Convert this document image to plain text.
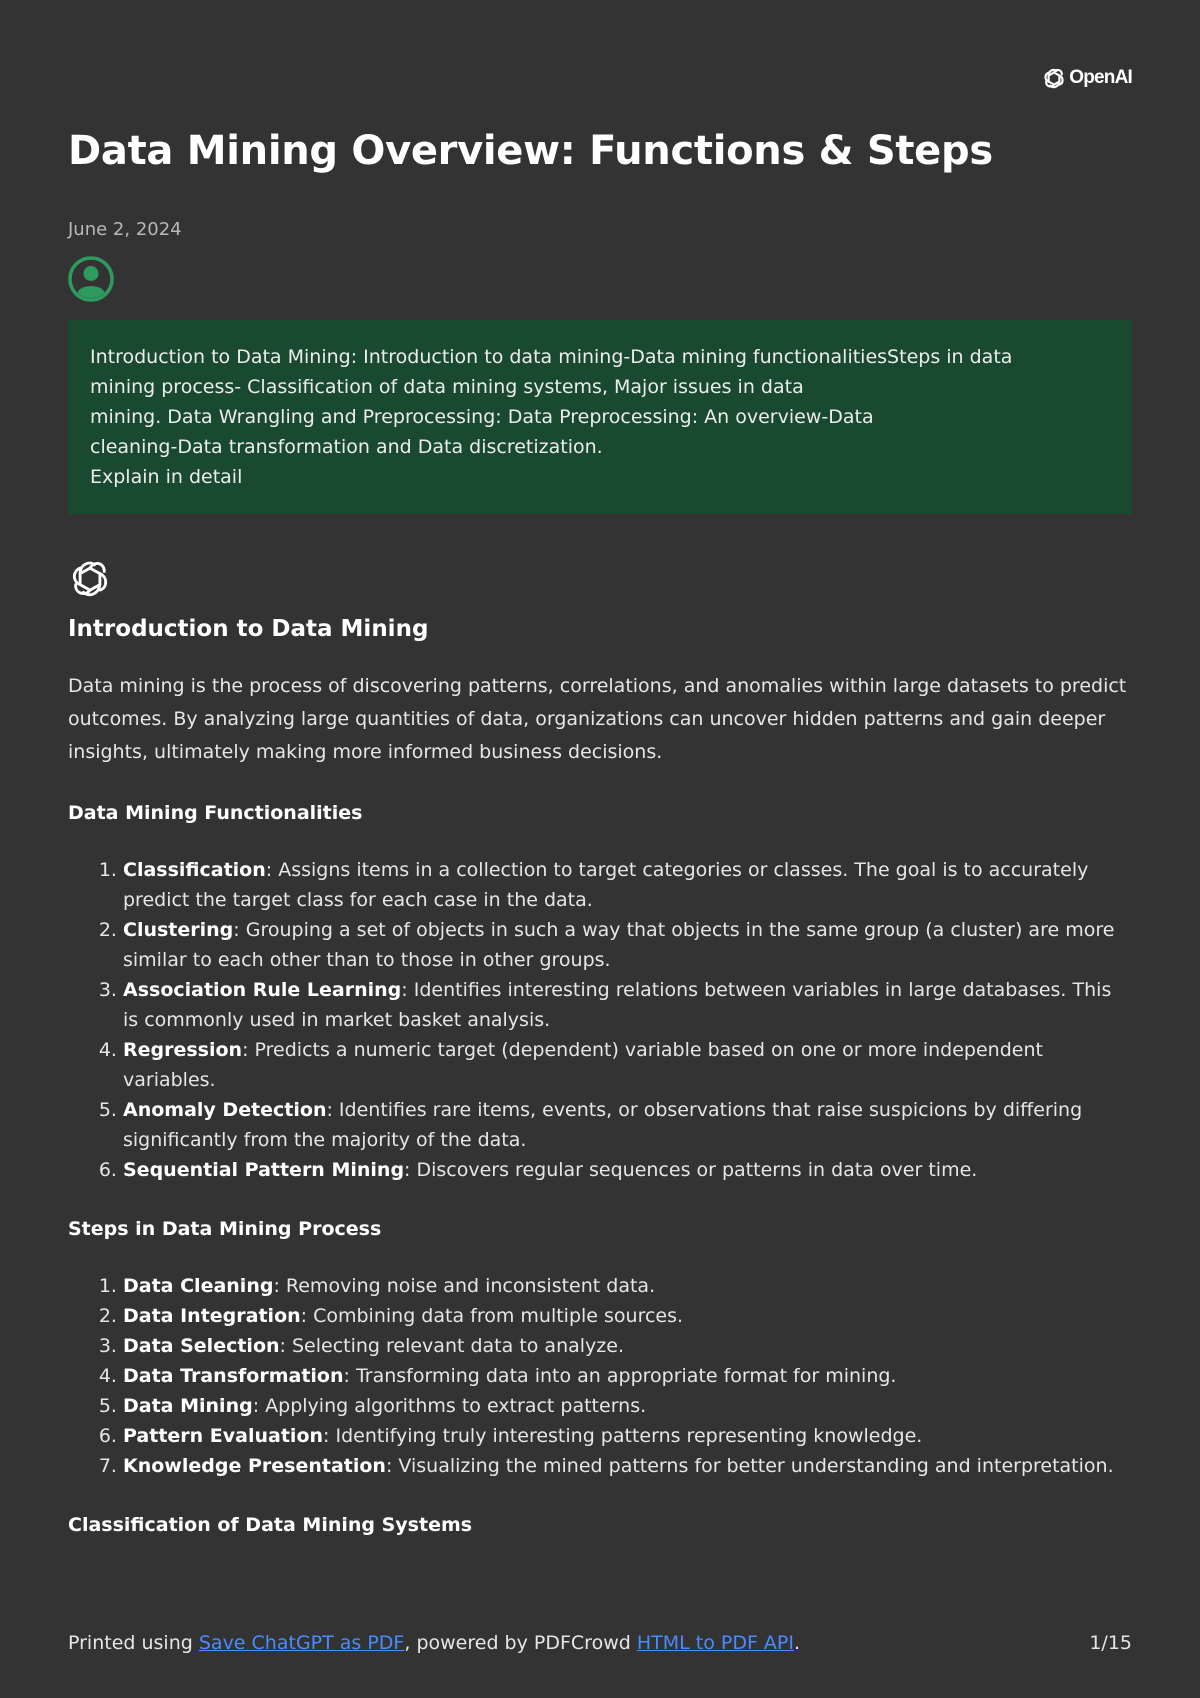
OpenAI
Data Mining Overview: Functions & Steps
June 2, 2024
Introduction to Data Mining: Introduction to data mining-Data mining functionalitiesSteps in data
mining process- Classification of data mining systems, Major issues in data
mining. Data Wrangling and Preprocessing: Data Preprocessing: An overview-Data
cleaning-Data transformation and Data discretization.
Explain in detail
Introduction to Data Mining

Data mining is the process of discovering patterns, correlations, and anomalies within large datasets to predict outcomes. By analyzing large quantities of data, organizations can uncover hidden patterns and gain deeper insights, ultimately making more informed business decisions.

Data Mining Functionalities
1. Classification: Assigns items in a collection to target categories or classes. The goal is to accurately predict the target class for each case in the data.
2. Clustering: Grouping a set of objects in such a way that objects in the same group (a cluster) are more similar to each other than to those in other groups.
3. Association Rule Learning: Identifies interesting relations between variables in large databases. This is commonly used in market basket analysis.
4. Regression: Predicts a numeric target (dependent) variable based on one or more independent variables.
5. Anomaly Detection: Identifies rare items, events, or observations that raise suspicions by differing significantly from the majority of the data.
6. Sequential Pattern Mining: Discovers regular sequences or patterns in data over time.
Steps in Data Mining Process
1. Data Cleaning: Removing noise and inconsistent data.
2. Data Integration: Combining data from multiple sources.
3. Data Selection: Selecting relevant data to analyze.
4. Data Transformation: Transforming data into an appropriate format for mining.
5. Data Mining: Applying algorithms to extract patterns.
6. Pattern Evaluation: Identifying truly interesting patterns representing knowledge.
7. Knowledge Presentation: Visualizing the mined patterns for better understanding and interpretation.
Classification of Data Mining Systems
Printed using Save ChatGPT as PDF, powered by PDFCrowd HTML to PDF API.	1/15
